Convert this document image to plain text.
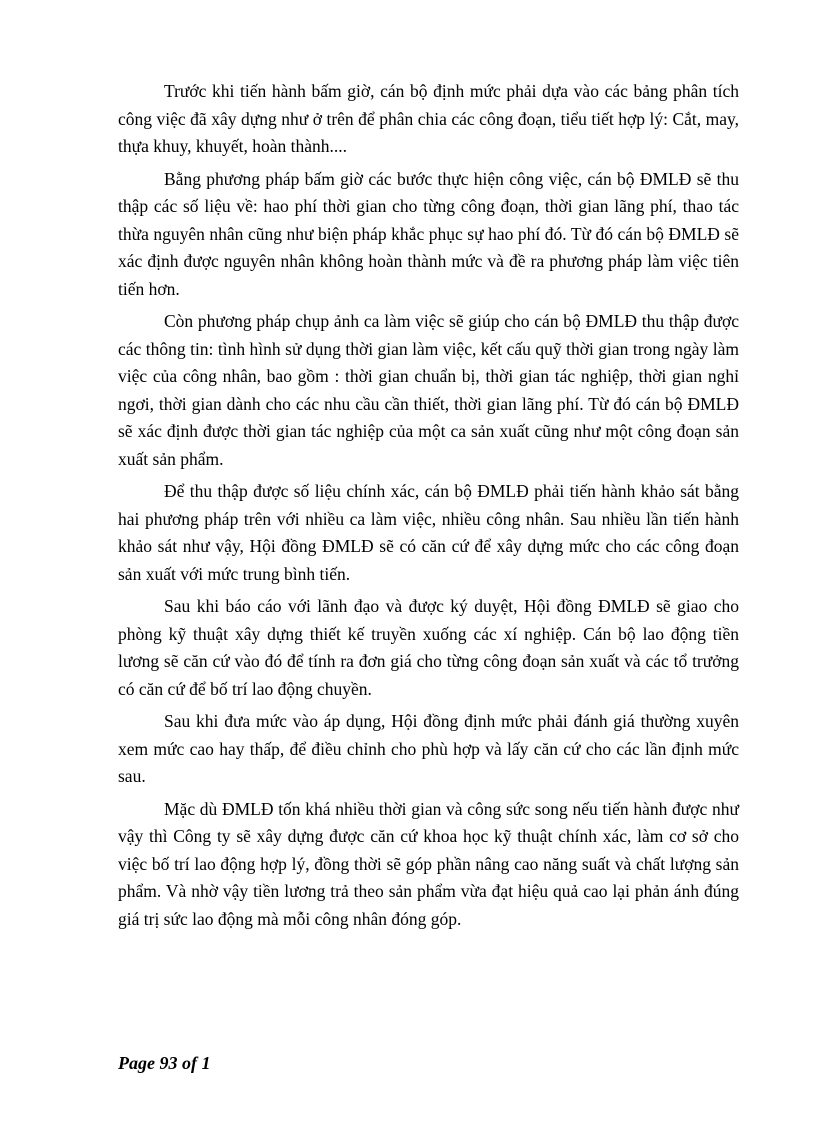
Trước khi tiến hành bấm giờ, cán bộ định mức phải dựa vào các bảng phân tích công việc đã xây dựng như ở trên để phân chia các công đoạn, tiểu tiết hợp lý: Cắt, may, thựa khuy, khuyết, hoàn thành....

Bằng phương pháp bấm giờ các bước thực hiện công việc, cán bộ ĐMLĐ sẽ thu thập các số liệu về: hao phí thời gian cho từng công đoạn, thời gian lãng phí, thao tác thừa nguyên nhân cũng như biện pháp khắc phục sự hao phí đó. Từ đó cán bộ ĐMLĐ sẽ xác định được nguyên nhân không hoàn thành mức và đề ra phương pháp làm việc tiên tiến hơn.

Còn phương pháp chụp ảnh ca làm việc sẽ giúp cho cán bộ ĐMLĐ thu thập được các thông tin: tình hình sử dụng thời gian làm việc, kết cấu quỹ thời gian trong ngày làm việc của công nhân, bao gồm : thời gian chuẩn bị, thời gian tác nghiệp, thời gian nghỉ ngơi, thời gian dành cho các nhu cầu cần thiết, thời gian lãng phí. Từ đó cán bộ ĐMLĐ sẽ xác định được thời gian tác nghiệp của một ca sản xuất cũng như một công đoạn sản xuất sản phẩm.

Để thu thập được số liệu chính xác, cán bộ ĐMLĐ phải tiến hành khảo sát bằng hai phương pháp trên với nhiều ca làm việc, nhiều công nhân. Sau nhiều lần tiến hành khảo sát như vậy, Hội đồng ĐMLĐ sẽ có căn cứ để xây dựng mức cho các công đoạn sản xuất với mức trung bình tiến.

Sau khi báo cáo với lãnh đạo và được ký duyệt, Hội đồng ĐMLĐ sẽ giao cho phòng kỹ thuật xây dựng thiết kế truyền xuống các xí nghiệp. Cán bộ lao động tiền lương sẽ căn cứ vào đó để tính ra đơn giá cho từng công đoạn sản xuất và các tổ trưởng có căn cứ để bố trí lao động chuyền.

Sau khi đưa mức vào áp dụng, Hội đồng định mức phải đánh giá thường xuyên xem mức cao hay thấp, để điều chỉnh cho phù hợp và lấy căn cứ cho các lần định mức sau.

Mặc dù ĐMLĐ tốn khá nhiều thời gian và công sức song nếu tiến hành được như vậy thì Công ty sẽ xây dựng được căn cứ khoa học kỹ thuật chính xác, làm cơ sở cho việc bố trí lao động hợp lý, đồng thời sẽ góp phần nâng cao năng suất và chất lượng sản phẩm. Và nhờ vậy tiền lương trả theo sản phẩm vừa đạt hiệu quả cao lại phản ánh đúng giá trị sức lao động mà mỗi công nhân đóng góp.

Page 93 of 1
